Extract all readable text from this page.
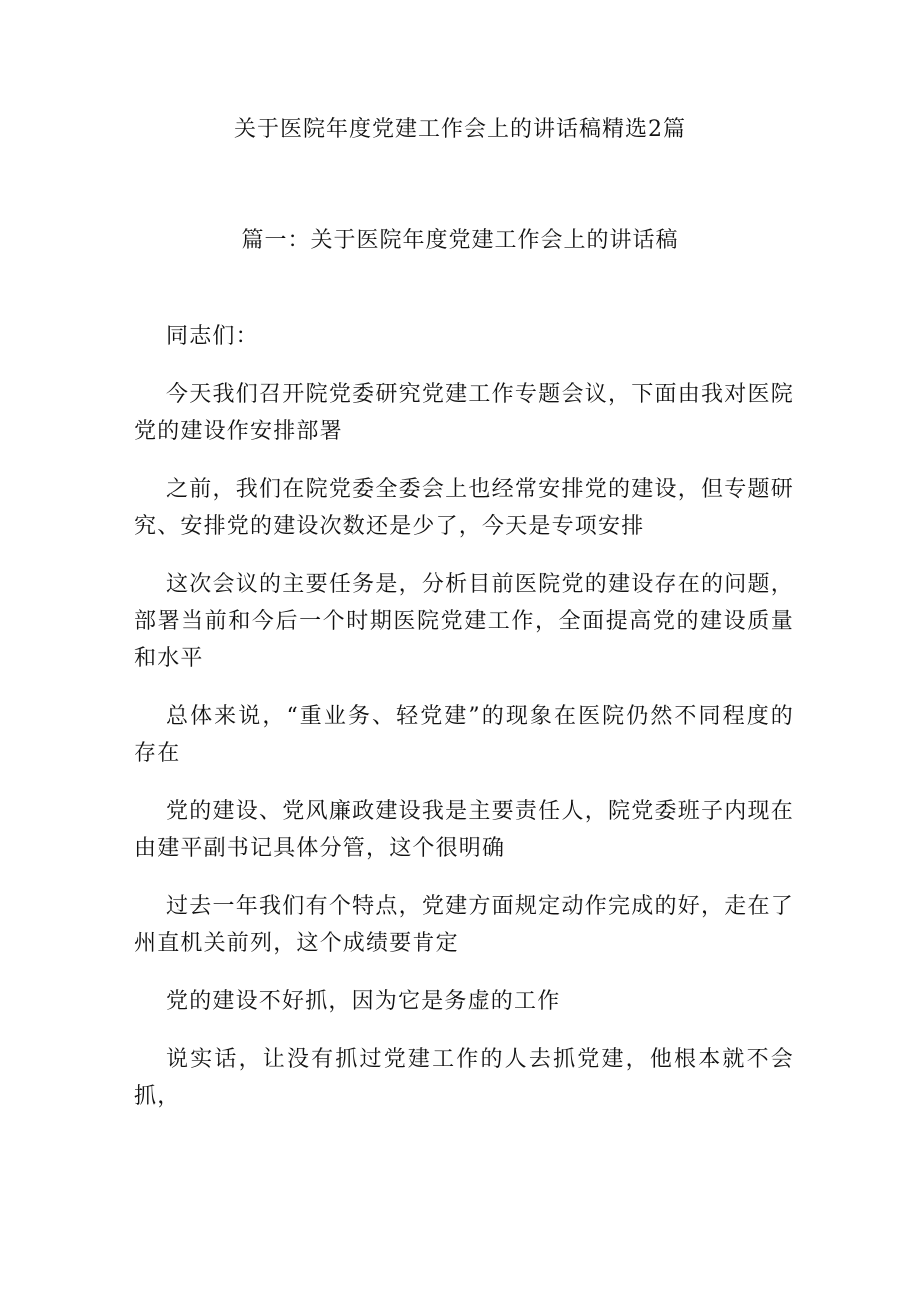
关于医院年度党建工作会上的讲话稿精选2篇
篇一：关于医院年度党建工作会上的讲话稿

同志们：

今天我们召开院党委研究党建工作专题会议，下面由我对医院党的建设作安排部署

之前，我们在院党委全委会上也经常安排党的建设，但专题研究、安排党的建设次数还是少了，今天是专项安排

这次会议的主要任务是，分析目前医院党的建设存在的问题，部署当前和今后一个时期医院党建工作，全面提高党的建设质量和水平

总体来说，“重业务、轻党建”的现象在医院仍然不同程度的存在

党的建设、党风廉政建设我是主要责任人，院党委班子内现在由建平副书记具体分管，这个很明确

过去一年我们有个特点，党建方面规定动作完成的好，走在了州直机关前列，这个成绩要肯定

党的建设不好抓，因为它是务虚的工作

说实话，让没有抓过党建工作的人去抓党建，他根本就不会抓，
